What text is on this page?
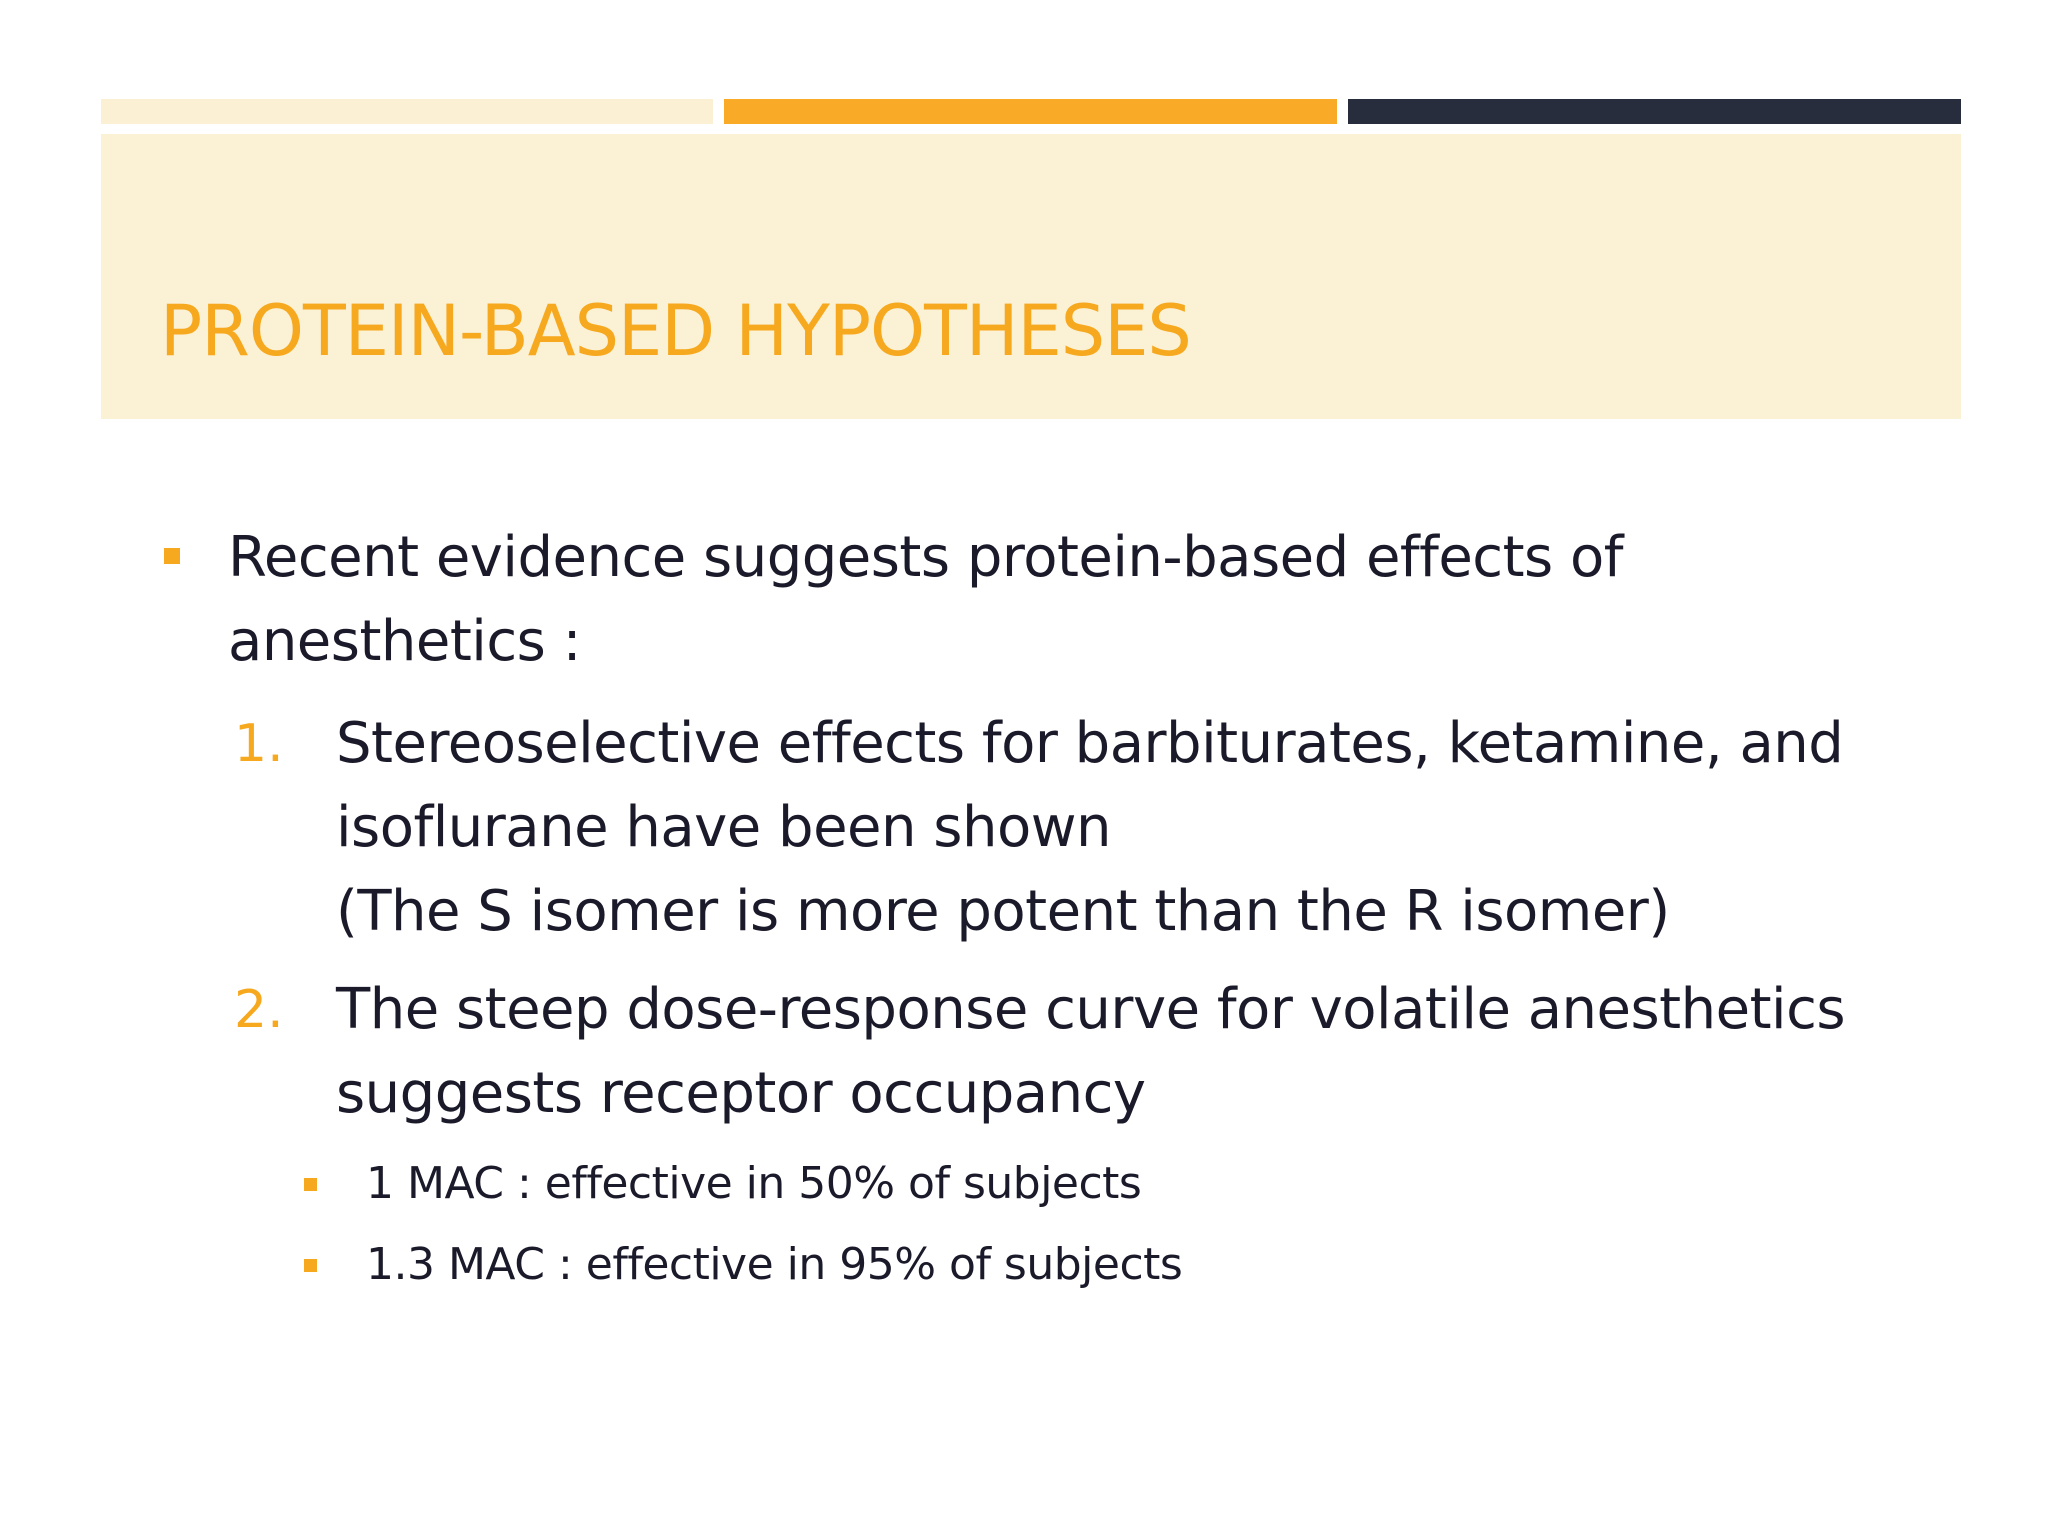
PROTEIN-BASED HYPOTHESES
Recent evidence suggests protein-based effects of
anesthetics :
1. Stereoselective effects for barbiturates, ketamine, and
isoflurane have been shown
(The S isomer is more potent than the R isomer)
2. The steep dose-response curve for volatile anesthetics
suggests receptor occupancy
1 MAC : effective in 50% of subjects
1.3 MAC : effective in 95% of subjects
